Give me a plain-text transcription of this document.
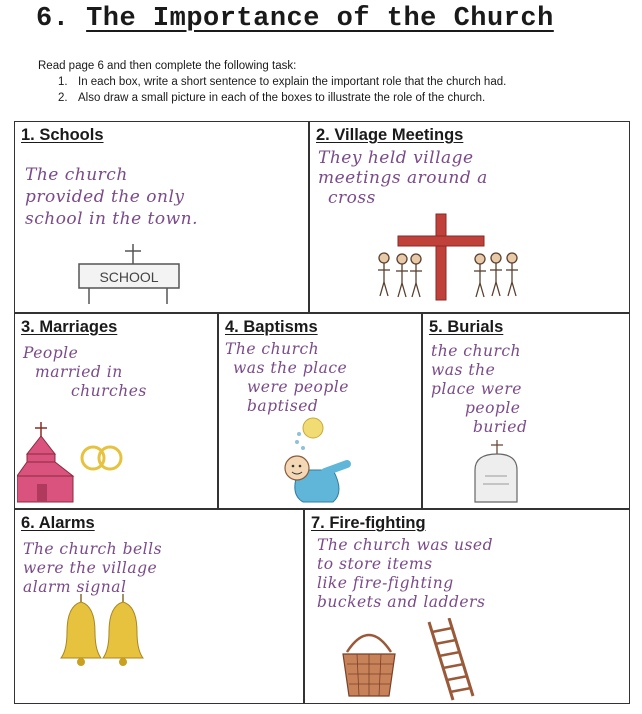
6. The Importance of the Church
Read page 6 and then complete the following task:
1. In each box, write a short sentence to explain the important role that the church had.
2. Also draw a small picture in each of the boxes to illustrate the role of the church.
1. Schools
The church
provided the only
school in the town.
SCHOOL
2. Village Meetings
They held village
meetings around a
cross
3. Marriages
People
married in
churches
4. Baptisms
The church
was the place
were people
baptised
5. Burials
the church
was the
place were
people
buried
6. Alarms
The church bells
were the village
alarm signal
7. Fire-fighting
The church was used
to store items
like fire-fighting
buckets and ladders
